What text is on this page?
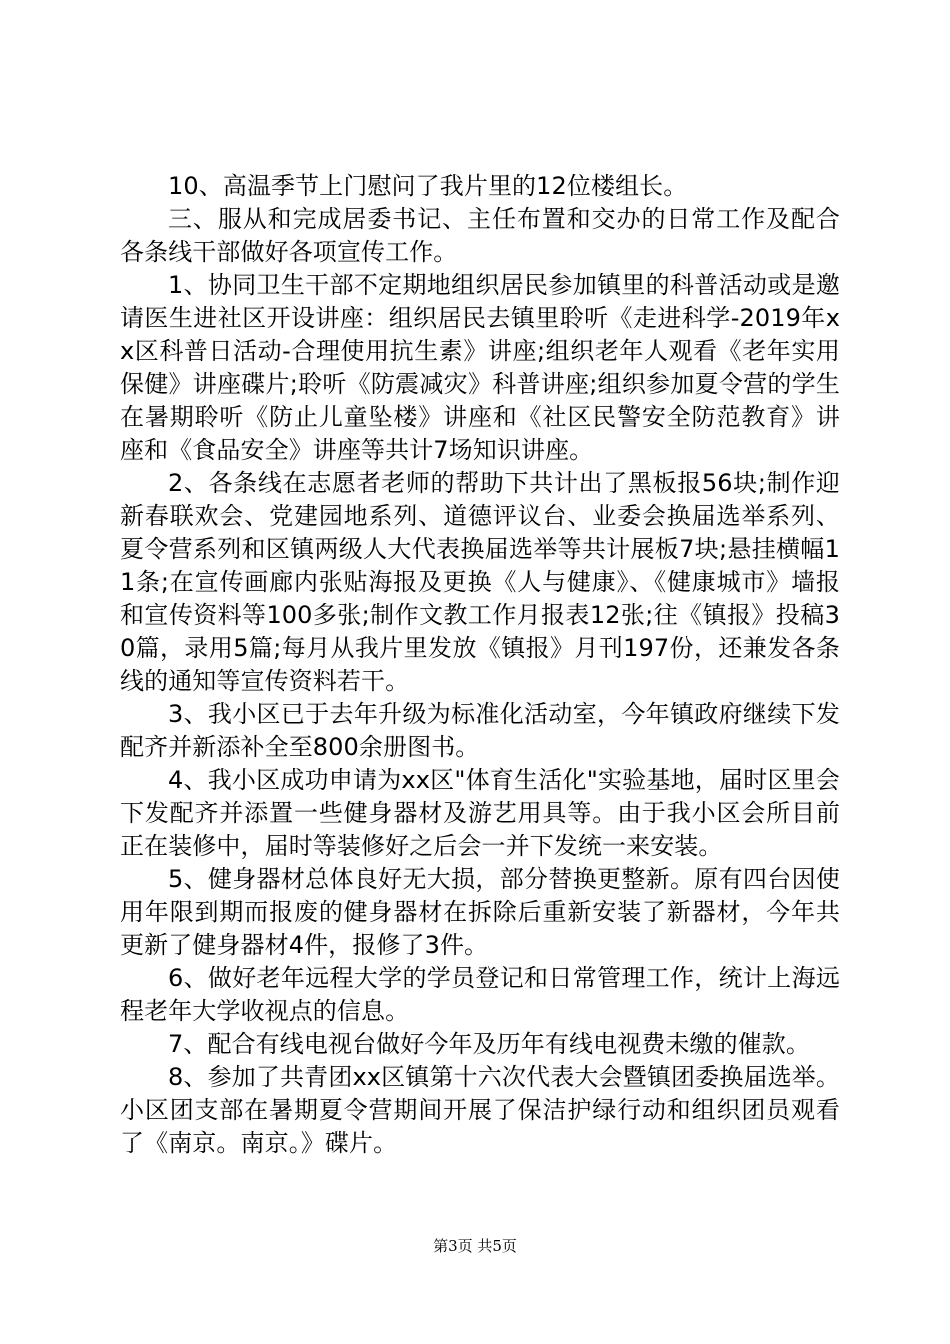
10、高温季节上门慰问了我片里的12位楼组长。

三、服从和完成居委书记、主任布置和交办的日常工作及配合各条线干部做好各项宣传工作。

1、协同卫生干部不定期地组织居民参加镇里的科普活动或是邀请医生进社区开设讲座：组织居民去镇里聆听《走进科学-2019年xx区科普日活动-合理使用抗生素》讲座;组织老年人观看《老年实用保健》讲座碟片;聆听《防震减灾》科普讲座;组织参加夏令营的学生在暑期聆听《防止儿童坠楼》讲座和《社区民警安全防范教育》讲座和《食品安全》讲座等共计7场知识讲座。

2、各条线在志愿者老师的帮助下共计出了黑板报56块;制作迎新春联欢会、党建园地系列、道德评议台、业委会换届选举系列、夏令营系列和区镇两级人大代表换届选举等共计展板7块;悬挂横幅11条;在宣传画廊内张贴海报及更换《人与健康》、《健康城市》墙报和宣传资料等100多张;制作文教工作月报表12张;往《镇报》投稿30篇，录用5篇;每月从我片里发放《镇报》月刊197份，还兼发各条线的通知等宣传资料若干。

3、我小区已于去年升级为标准化活动室，今年镇政府继续下发配齐并新添补全至800余册图书。

4、我小区成功申请为xx区"体育生活化"实验基地，届时区里会下发配齐并添置一些健身器材及游艺用具等。由于我小区会所目前正在装修中，届时等装修好之后会一并下发统一来安装。

5、健身器材总体良好无大损，部分替换更整新。原有四台因使用年限到期而报废的健身器材在拆除后重新安装了新器材，今年共更新了健身器材4件，报修了3件。

6、做好老年远程大学的学员登记和日常管理工作，统计上海远程老年大学收视点的信息。

7、配合有线电视台做好今年及历年有线电视费未缴的催款。

8、参加了共青团xx区镇第十六次代表大会暨镇团委换届选举。小区团支部在暑期夏令营期间开展了保洁护绿行动和组织团员观看了《南京。南京。》碟片。

第3页 共5页
